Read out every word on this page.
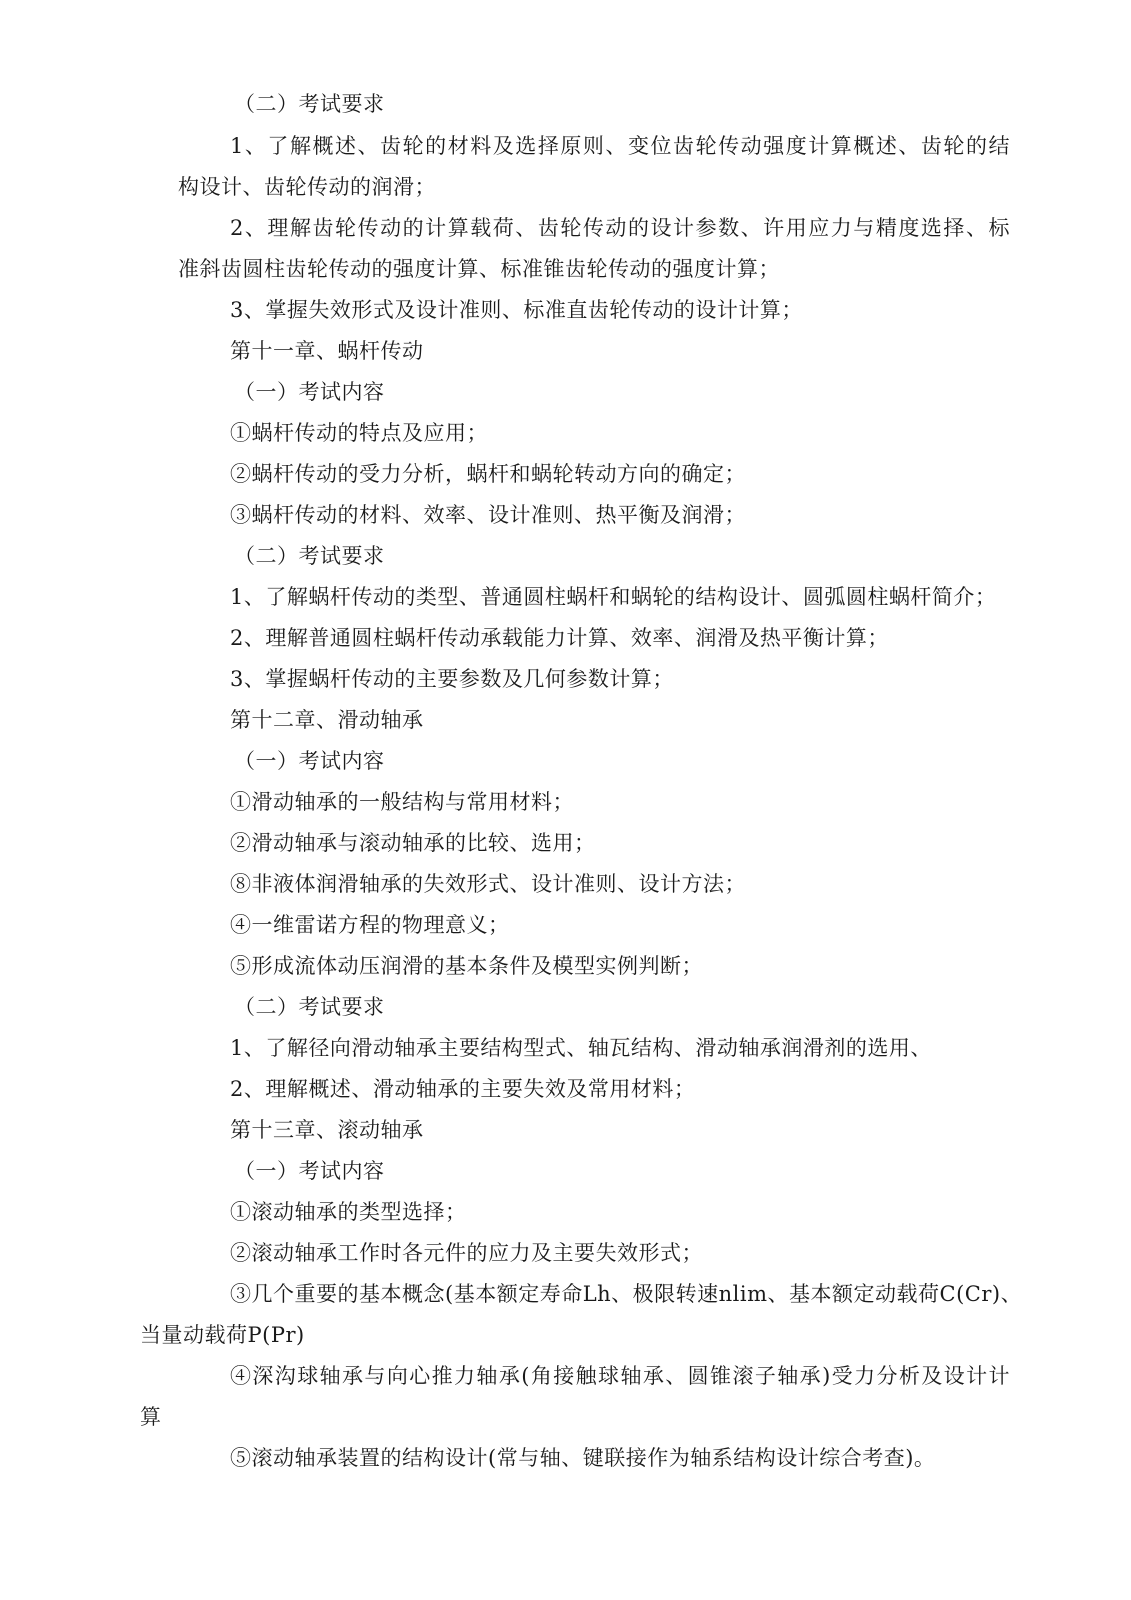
（二）考试要求
1、了解概述、齿轮的材料及选择原则、变位齿轮传动强度计算概述、齿轮的结
构设计、齿轮传动的润滑；
2、理解齿轮传动的计算载荷、齿轮传动的设计参数、许用应力与精度选择、标
准斜齿圆柱齿轮传动的强度计算、标准锥齿轮传动的强度计算；
3、掌握失效形式及设计准则、标准直齿轮传动的设计计算；
第十一章、蜗杆传动
（一）考试内容
①蜗杆传动的特点及应用；
②蜗杆传动的受力分析，蜗杆和蜗轮转动方向的确定；
③蜗杆传动的材料、效率、设计准则、热平衡及润滑；
（二）考试要求
1、了解蜗杆传动的类型、普通圆柱蜗杆和蜗轮的结构设计、圆弧圆柱蜗杆简介；
2、理解普通圆柱蜗杆传动承载能力计算、效率、润滑及热平衡计算；
3、掌握蜗杆传动的主要参数及几何参数计算；
第十二章、滑动轴承
（一）考试内容
①滑动轴承的一般结构与常用材料；
②滑动轴承与滚动轴承的比较、选用；
⑧非液体润滑轴承的失效形式、设计准则、设计方法；
④一维雷诺方程的物理意义；
⑤形成流体动压润滑的基本条件及模型实例判断；
（二）考试要求
1、了解径向滑动轴承主要结构型式、轴瓦结构、滑动轴承润滑剂的选用、
2、理解概述、滑动轴承的主要失效及常用材料；
第十三章、滚动轴承
（一）考试内容
①滚动轴承的类型选择；
②滚动轴承工作时各元件的应力及主要失效形式；
③几个重要的基本概念(基本额定寿命Lh、极限转速nlim、基本额定动载荷C(Cr)、
当量动载荷P(Pr)
④深沟球轴承与向心推力轴承(角接触球轴承、圆锥滚子轴承)受力分析及设计计
算
⑤滚动轴承装置的结构设计(常与轴、键联接作为轴系结构设计综合考查)。
